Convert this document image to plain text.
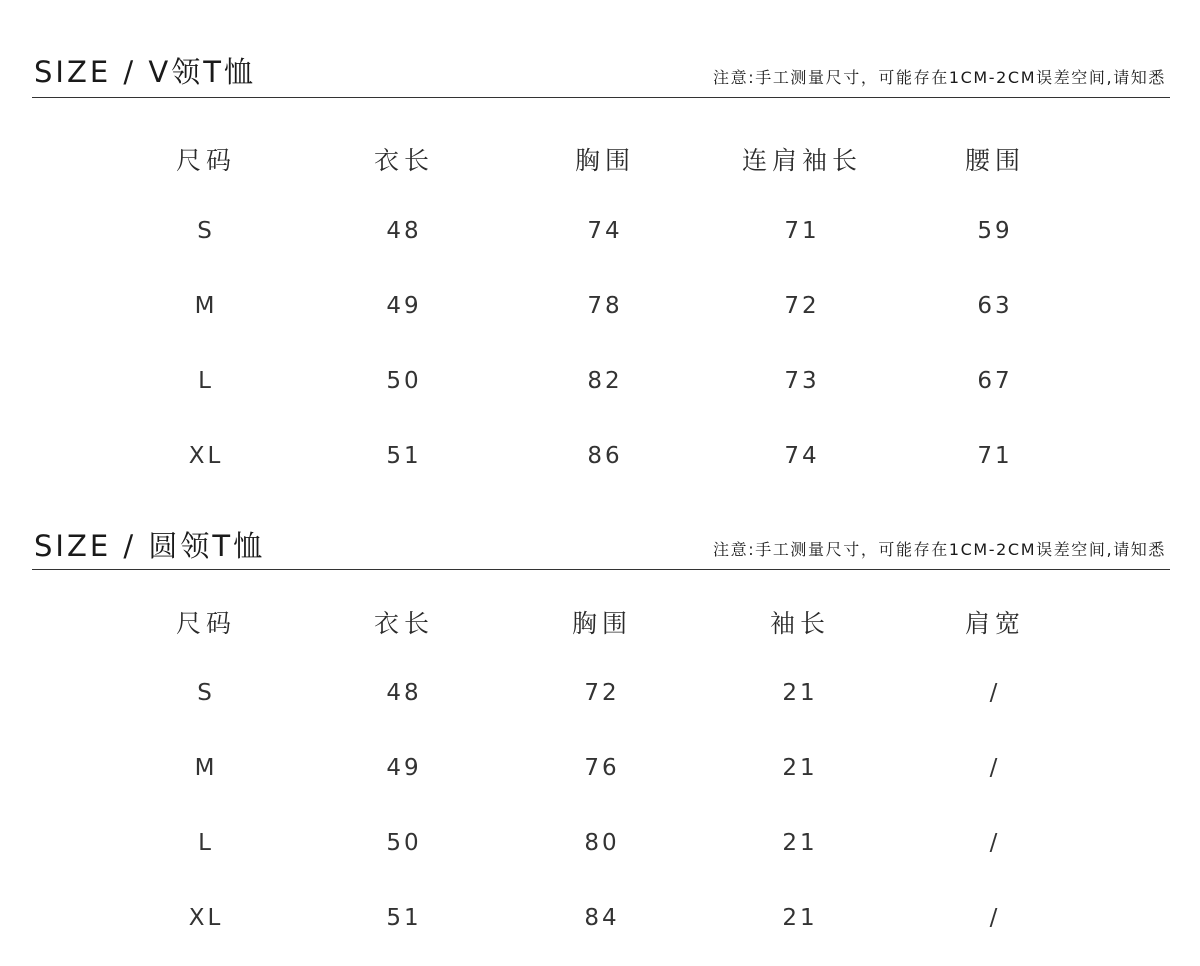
SIZE / V领T恤	注意:手工测量尺寸，可能存在1CM-2CM误差空间,请知悉
尺码	衣长	胸围	连肩袖长	腰围
S	48	74	71	59
M	49	78	72	63
L	50	82	73	67
XL	51	86	74	71
SIZE / 圆领T恤	注意:手工测量尺寸，可能存在1CM-2CM误差空间,请知悉
尺码	衣长	胸围	袖长	肩宽
S	48	72	21	/
M	49	76	21	/
L	50	80	21	/
XL	51	84	21	/
